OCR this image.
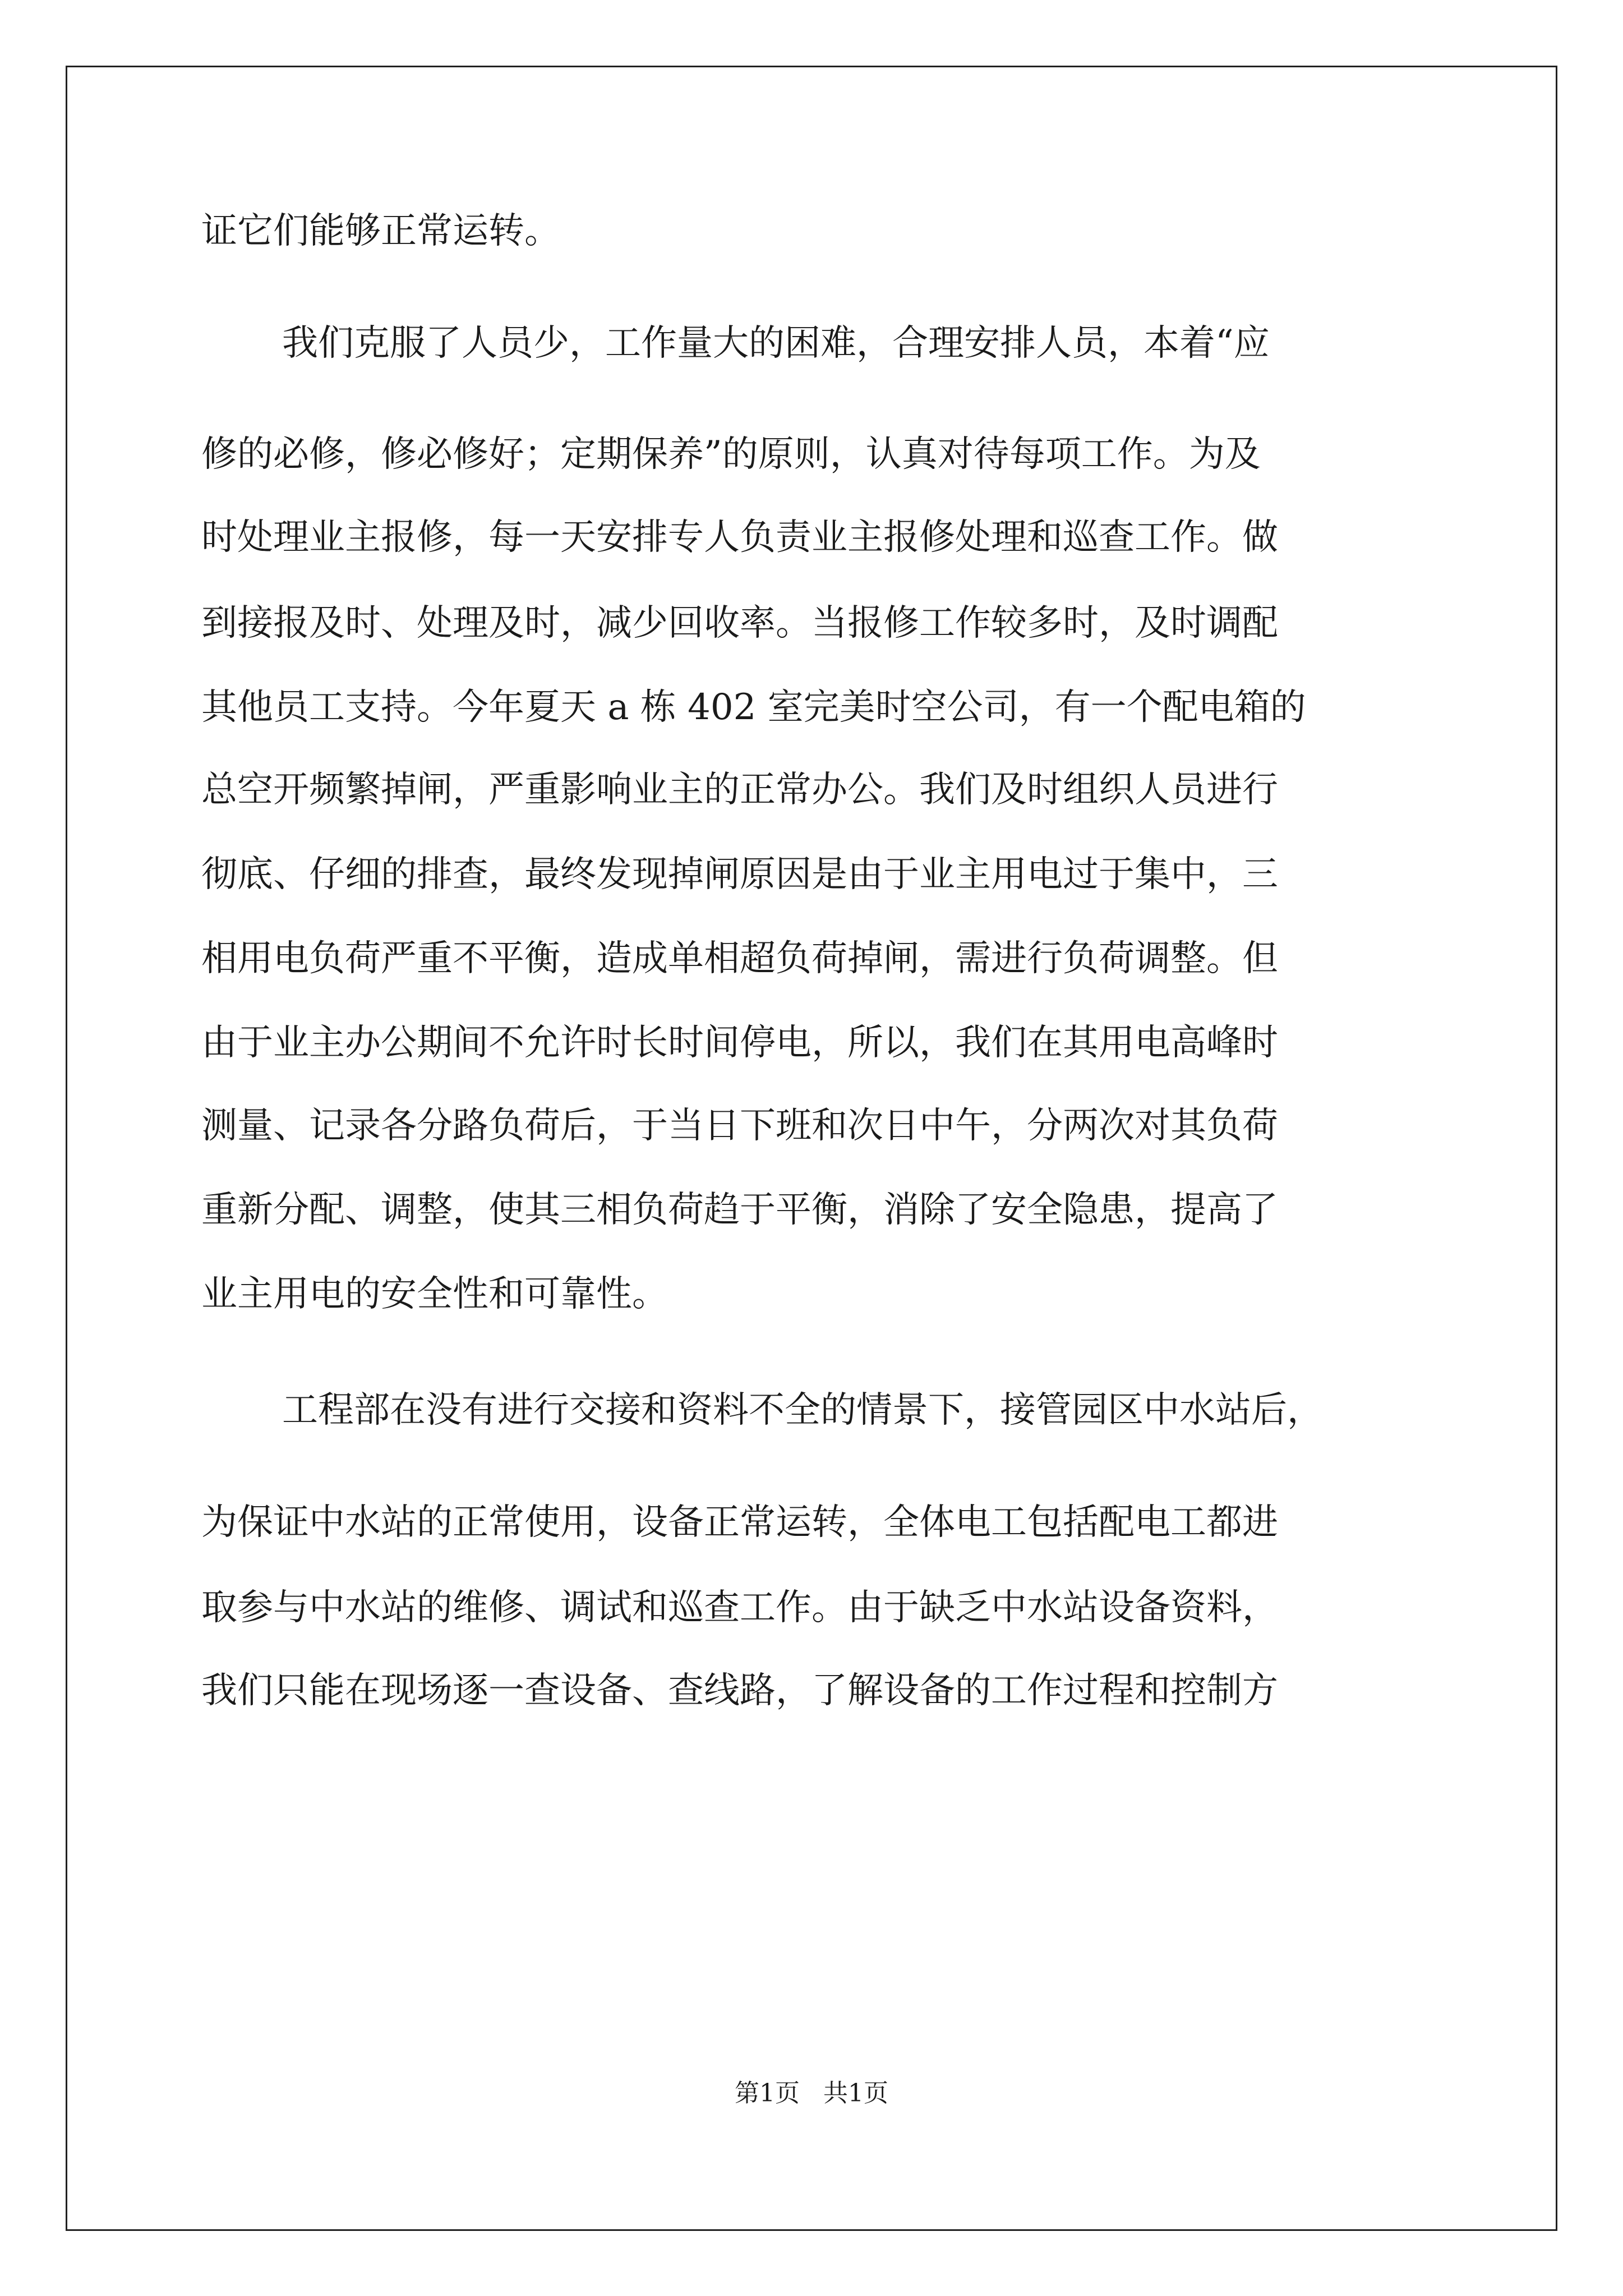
证它们能够正常运转。
我们克服了人员少，工作量大的困难，合理安排人员，本着“应
修的必修，修必修好；定期保养”的原则，认真对待每项工作。为及
时处理业主报修，每一天安排专人负责业主报修处理和巡查工作。做
到接报及时、处理及时，减少回收率。当报修工作较多时，及时调配
其他员工支持。今年夏天 a 栋 402 室完美时空公司，有一个配电箱的
总空开频繁掉闸，严重影响业主的正常办公。我们及时组织人员进行
彻底、仔细的排查，最终发现掉闸原因是由于业主用电过于集中，三
相用电负荷严重不平衡，造成单相超负荷掉闸，需进行负荷调整。但
由于业主办公期间不允许时长时间停电，所以，我们在其用电高峰时
测量、记录各分路负荷后，于当日下班和次日中午，分两次对其负荷
重新分配、调整，使其三相负荷趋于平衡，消除了安全隐患，提高了
业主用电的安全性和可靠性。
工程部在没有进行交接和资料不全的情景下，接管园区中水站后，
为保证中水站的正常使用，设备正常运转，全体电工包括配电工都进
取参与中水站的维修、调试和巡查工作。由于缺乏中水站设备资料，
我们只能在现场逐一查设备、查线路，了解设备的工作过程和控制方
第1页   共1页
